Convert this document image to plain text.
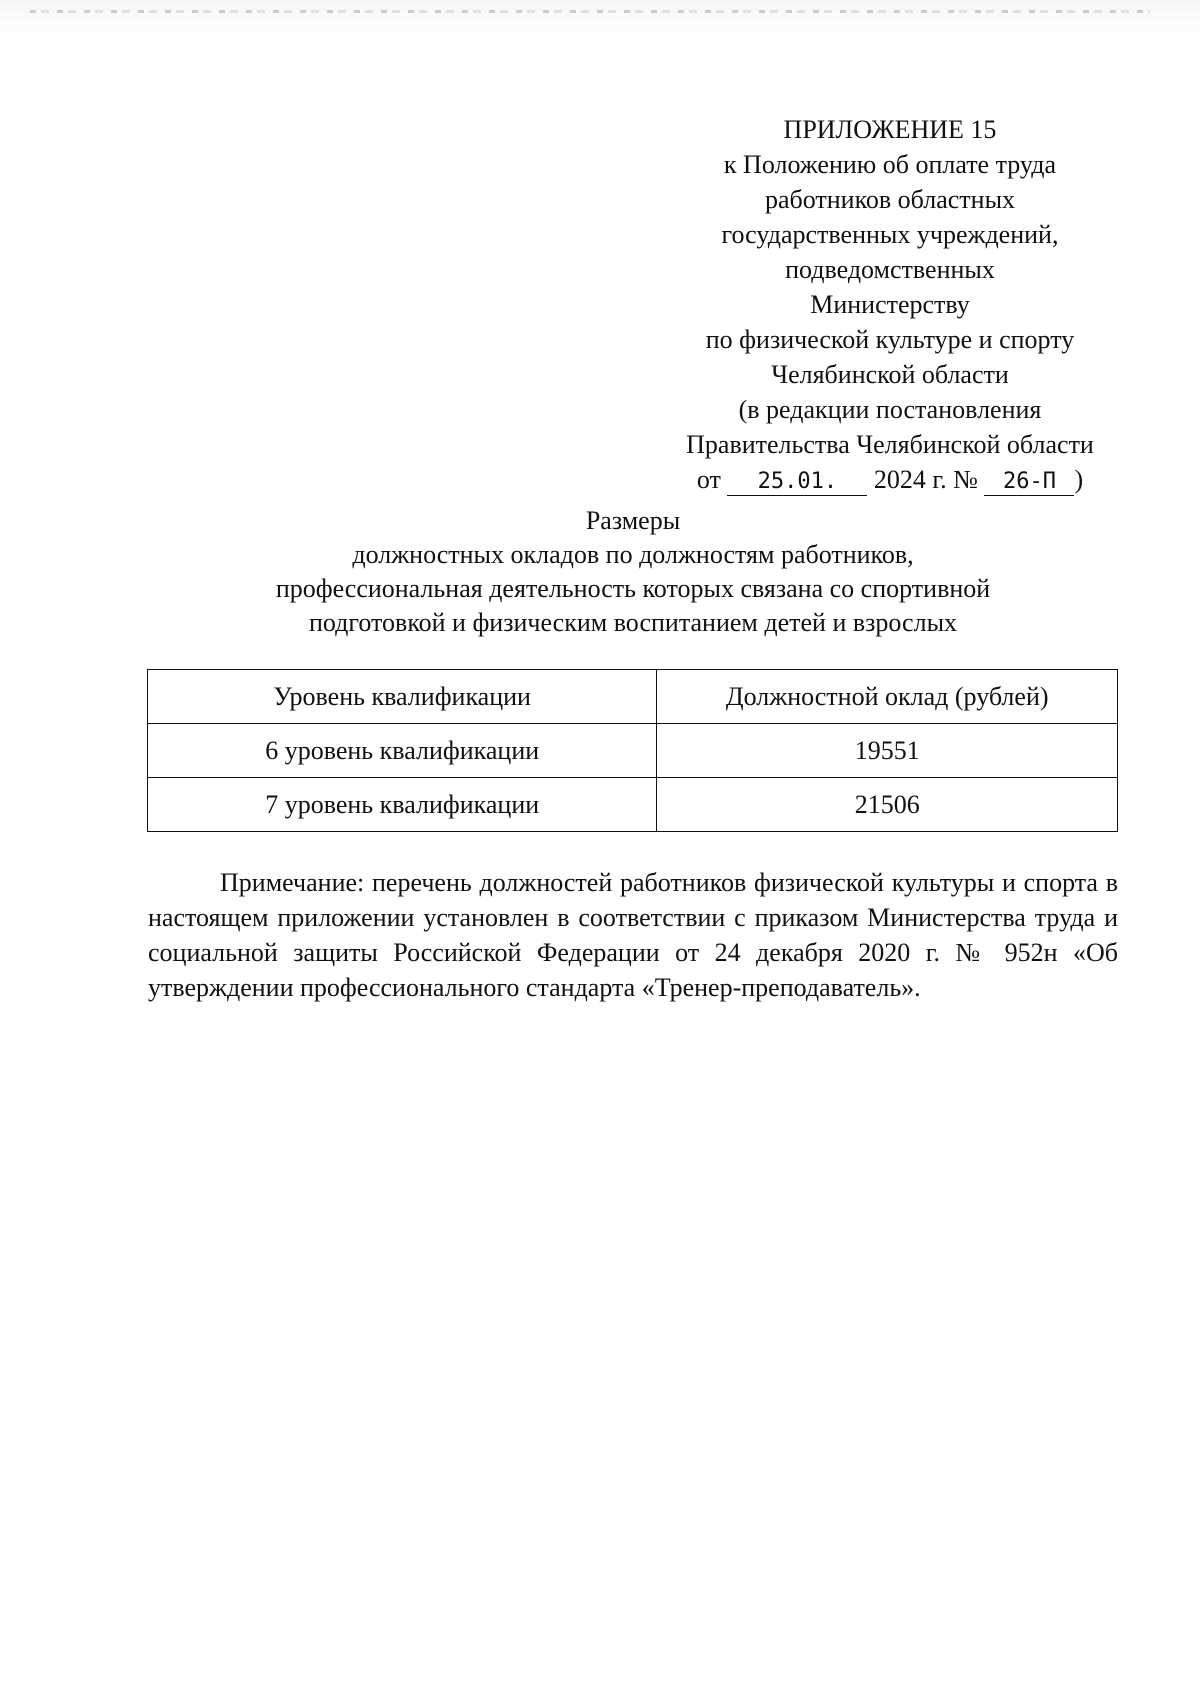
ПРИЛОЖЕНИЕ 15
к Положению об оплате труда
работников областных
государственных учреждений,
подведомственных
Министерству
по физической культуре и спорту
Челябинской области
(в редакции постановления
Правительства Челябинской области
от 25.01. 2024 г. № 26-П )
Размеры
должностных окладов по должностям работников,
профессиональная деятельность которых связана со спортивной
подготовкой и физическим воспитанием детей и взрослых
Уровень квалификации	Должностной оклад (рублей)
6 уровень квалификации	19551
7 уровень квалификации	21506
Примечание: перечень должностей работников физической культуры и спорта в настоящем приложении установлен в соответствии с приказом Министерства труда и социальной защиты Российской Федерации от 24 декабря 2020 г. № 952н «Об утверждении профессионального стандарта «Тренер-преподаватель».
